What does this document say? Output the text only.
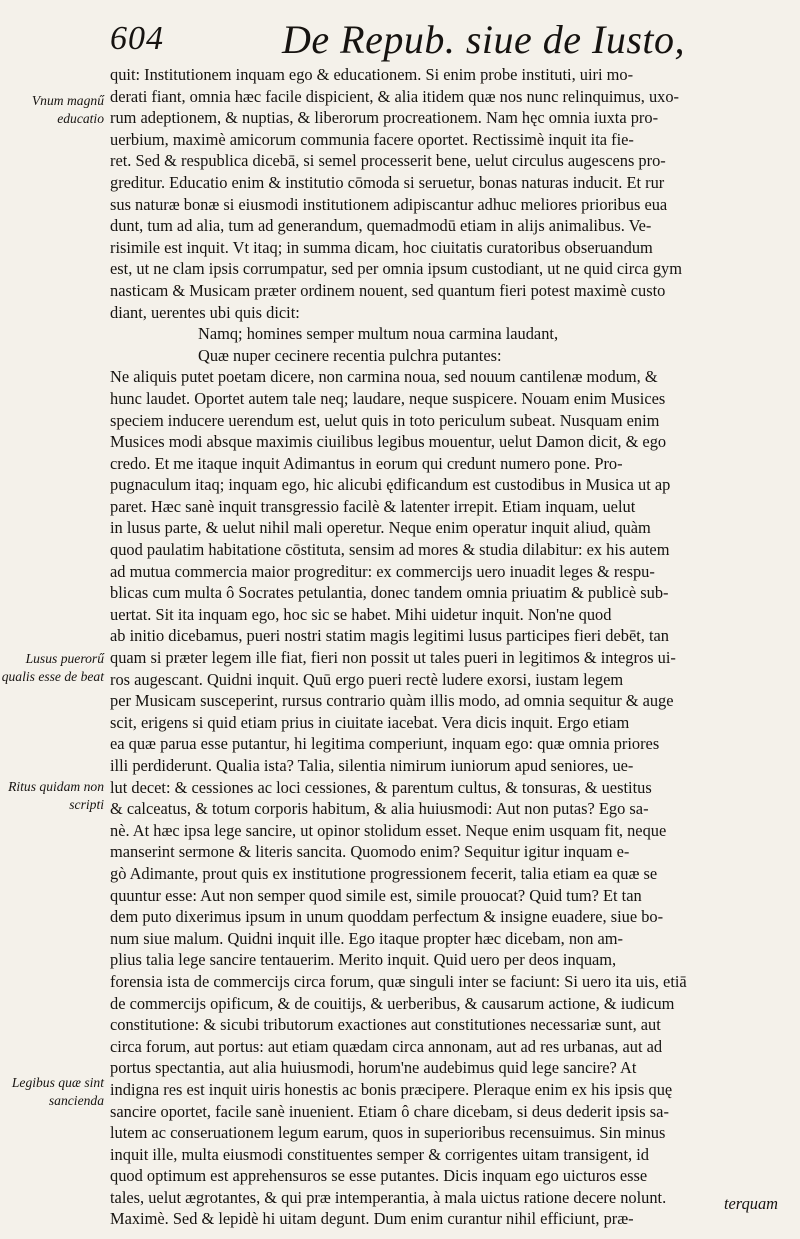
604	De Repub. siue de Iusto,
Vnum magnű educatio
Lusus puerorű qualis esse de beat
Ritus quidam non scripti
Legibus quæ sint sancienda
quit: Institutionem inquam ego & educationem. Si enim probe instituti, uiri mo-
derati fiant, omnia hæc facile dispicient, & alia itidem quæ nos nunc relinquimus, uxo-
rum adeptionem, & nuptias, & liberorum procreationem. Nam hęc omnia iuxta pro-
uerbium, maximè amicorum communia facere oportet. Rectissimè inquit ita fie-
ret. Sed & respublica dicebā, si semel processerit bene, uelut circulus augescens pro-
greditur. Educatio enim & institutio cōmoda si seruetur, bonas naturas inducit. Et rur
sus naturæ bonæ si eiusmodi institutionem adipiscantur adhuc meliores prioribus eua
dunt, tum ad alia, tum ad generandum, quemadmodū etiam in alijs animalibus. Ve-
risimile est inquit. Vt itaq; in summa dicam, hoc ciuitatis curatoribus obseruandum
est, ut ne clam ipsis corrumpatur, sed per omnia ipsum custodiant, ut ne quid circa gym
nasticam & Musicam præter ordinem nouent, sed quantum fieri potest maximè custo
diant, uerentes ubi quis dicit:
Namq; homines semper multum noua carmina laudant,
Quæ nuper cecinere recentia pulchra putantes:
Ne aliquis putet poetam dicere, non carmina noua, sed nouum cantilenæ modum, &
hunc laudet. Oportet autem tale neq; laudare, neque suspicere. Nouam enim Musices
speciem inducere uerendum est, uelut quis in toto periculum subeat. Nusquam enim
Musices modi absque maximis ciuilibus legibus mouentur, uelut Damon dicit, & ego
credo. Et me itaque inquit Adimantus in eorum qui credunt numero pone. Pro-
pugnaculum itaq; inquam ego, hic alicubi ędificandum est custodibus in Musica ut ap
paret. Hæc sanè inquit transgressio facilè & latenter irrepit. Etiam inquam, uelut
in lusus parte, & uelut nihil mali operetur. Neque enim operatur inquit aliud, quàm
quod paulatim habitatione cōstituta, sensim ad mores & studia dilabitur: ex his autem
ad mutua commercia maior progreditur: ex commercijs uero inuadit leges & respu-
blicas cum multa ô Socrates petulantia, donec tandem omnia priuatim & publicè sub-
uertat. Sit ita inquam ego, hoc sic se habet. Mihi uidetur inquit. Non'ne quod
ab initio dicebamus, pueri nostri statim magis legitimi lusus participes fieri debēt, tan
quam si præter legem ille fiat, fieri non possit ut tales pueri in legitimos & integros ui-
ros augescant. Quidni inquit. Quū ergo pueri rectè ludere exorsi, iustam legem
per Musicam susceperint, rursus contrario quàm illis modo, ad omnia sequitur & auge
scit, erigens si quid etiam prius in ciuitate iacebat. Vera dicis inquit. Ergo etiam
ea quæ parua esse putantur, hi legitima comperiunt, inquam ego: quæ omnia priores
illi perdiderunt. Qualia ista? Talia, silentia nimirum iuniorum apud seniores, ue-
lut decet: & cessiones ac loci cessiones, & parentum cultus, & tonsuras, & uestitus
& calceatus, & totum corporis habitum, & alia huiusmodi: Aut non putas? Ego sa-
nè. At hæc ipsa lege sancire, ut opinor stolidum esset. Neque enim usquam fit, neque
manserint sermone & literis sancita. Quomodo enim? Sequitur igitur inquam e-
gò Adimante, prout quis ex institutione progressionem fecerit, talia etiam ea quæ se
quuntur esse: Aut non semper quod simile est, simile prouocat? Quid tum? Et tan
dem puto dixerimus ipsum in unum quoddam perfectum & insigne euadere, siue bo-
num siue malum. Quidni inquit ille. Ego itaque propter hæc dicebam, non am-
plius talia lege sancire tentauerim. Merito inquit. Quid uero per deos inquam,
forensia ista de commercijs circa forum, quæ singuli inter se faciunt: Si uero ita uis, etiā
de commercijs opificum, & de couitijs, & uerberibus, & causarum actione, & iudicum
constitutione: & sicubi tributorum exactiones aut constitutiones necessariæ sunt, aut
circa forum, aut portus: aut etiam quædam circa annonam, aut ad res urbanas, aut ad
portus spectantia, aut alia huiusmodi, horum'ne audebimus quid lege sancire? At
indigna res est inquit uiris honestis ac bonis præcipere. Pleraque enim ex his ipsis quę
sancire oportet, facile sanè inuenient. Etiam ô chare dicebam, si deus dederit ipsis sa-
lutem ac conseruationem legum earum, quos in superioribus recensuimus. Sin minus
inquit ille, multa eiusmodi constituentes semper & corrigentes uitam transigent, id
quod optimum est apprehensuros se esse putantes. Dicis inquam ego uicturos esse
tales, uelut ægrotantes, & qui præ intemperantia, à mala uictus ratione decere nolunt.
Maximè. Sed & lepidè hi uitam degunt. Dum enim curantur nihil efficiunt, præ-
terquam
